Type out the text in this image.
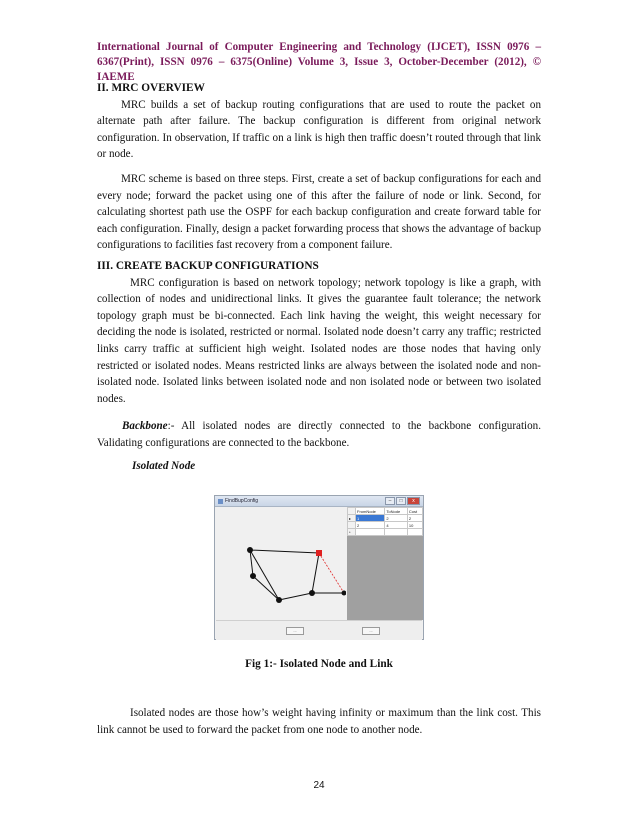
International Journal of Computer Engineering and Technology (IJCET), ISSN 0976 –
6367(Print), ISSN 0976 – 6375(Online) Volume 3, Issue 3, October-December (2012), © IAEME

II. MRC OVERVIEW

MRC builds a set of backup routing configurations that are used to route the packet on alternate path after failure. The backup configuration is different from original network configuration. In observation, If traffic on a link is high then traffic doesn’t routed through that link or node.

MRC scheme is based on three steps. First, create a set of backup configurations for each and every node; forward the packet using one of this after the failure of node or link. Second, for calculating shortest path use the OSPF for each backup configuration and create forward table for each configuration. Finally, design a packet forwarding process that shows the advantage of backup configurations to facilities fast recovery from a component failure.

III. CREATE BACKUP CONFIGURATIONS

MRC configuration is based on network topology; network topology is like a graph, with collection of nodes and unidirectional links. It gives the guarantee fault tolerance; the network topology graph must be bi-connected. Each link having the weight, this weight necessary for deciding the node is isolated, restricted or normal. Isolated node doesn’t carry any traffic; restricted links carry traffic at sufficient high weight. Isolated nodes are those nodes that having only restricted or isolated nodes. Means restricted links are always between the isolated node and non-isolated node. Isolated links between isolated node and non isolated node or between two isolated nodes.

Backbone:- All isolated nodes are directly connected to the backbone configuration. Validating configurations are connected to the backbone.

Isolated Node
FindBupConfig	–	□	x
	FromNode	ToNode	Cost
▸	1	2	2
	2	4	10
*			
...	...
Fig 1:- Isolated Node and Link

Isolated nodes are those how’s weight having infinity or maximum than the link cost. This link cannot be used to forward the packet from one node to another node.

24
